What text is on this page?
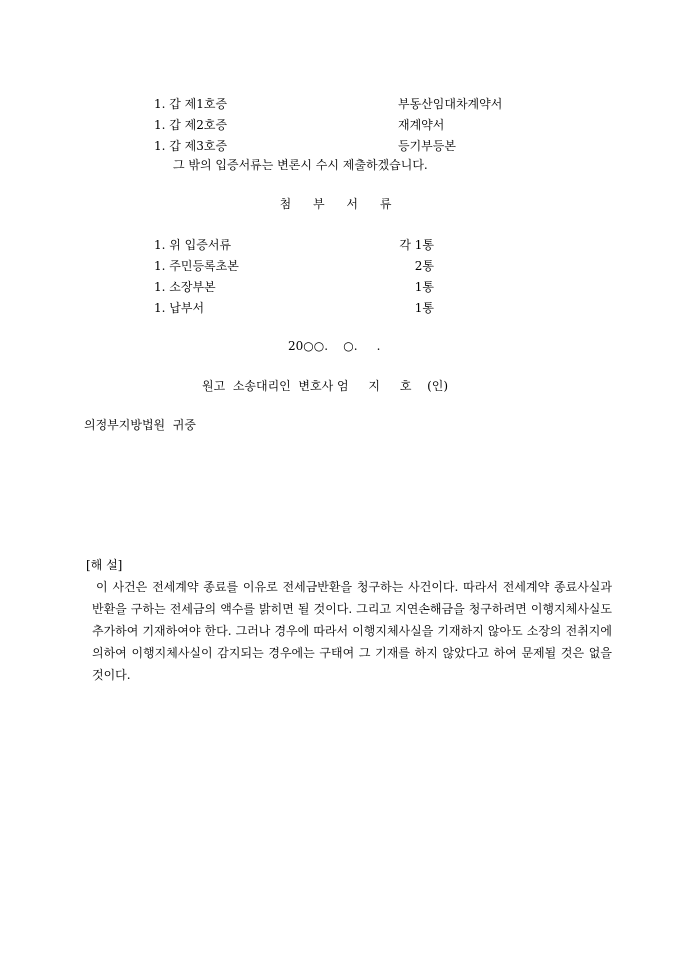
1. 갑 제1호증	부동산임대차계약서
1. 갑 제2호증	재계약서
1. 갑 제3호증	등기부등본
그 밖의 입증서류는 변론시 수시 제출하겠습니다.
첨 부 서 류
1. 위 입증서류	각 1통
1. 주민등록초본	2통
1. 소장부본	1통
1. 납부서	1통
20○○.    ○.     .
원고  소송대리인  변호사 엄 지 호 (인)
의정부지방법원  귀중
[해 설]
이 사건은 전세계약 종료를 이유로 전세금반환을 청구하는 사건이다. 따라서 전세계약 종료사실과 반환을 구하는 전세금의 액수를 밝히면 될 것이다. 그리고 지연손해금을 청구하려면 이행지체사실도 추가하여 기재하여야 한다. 그러나 경우에 따라서 이행지체사실을 기재하지 않아도 소장의 전취지에 의하여 이행지체사실이 감지되는 경우에는 구태여 그 기재를 하지 않았다고 하여 문제될 것은 없을 것이다.
